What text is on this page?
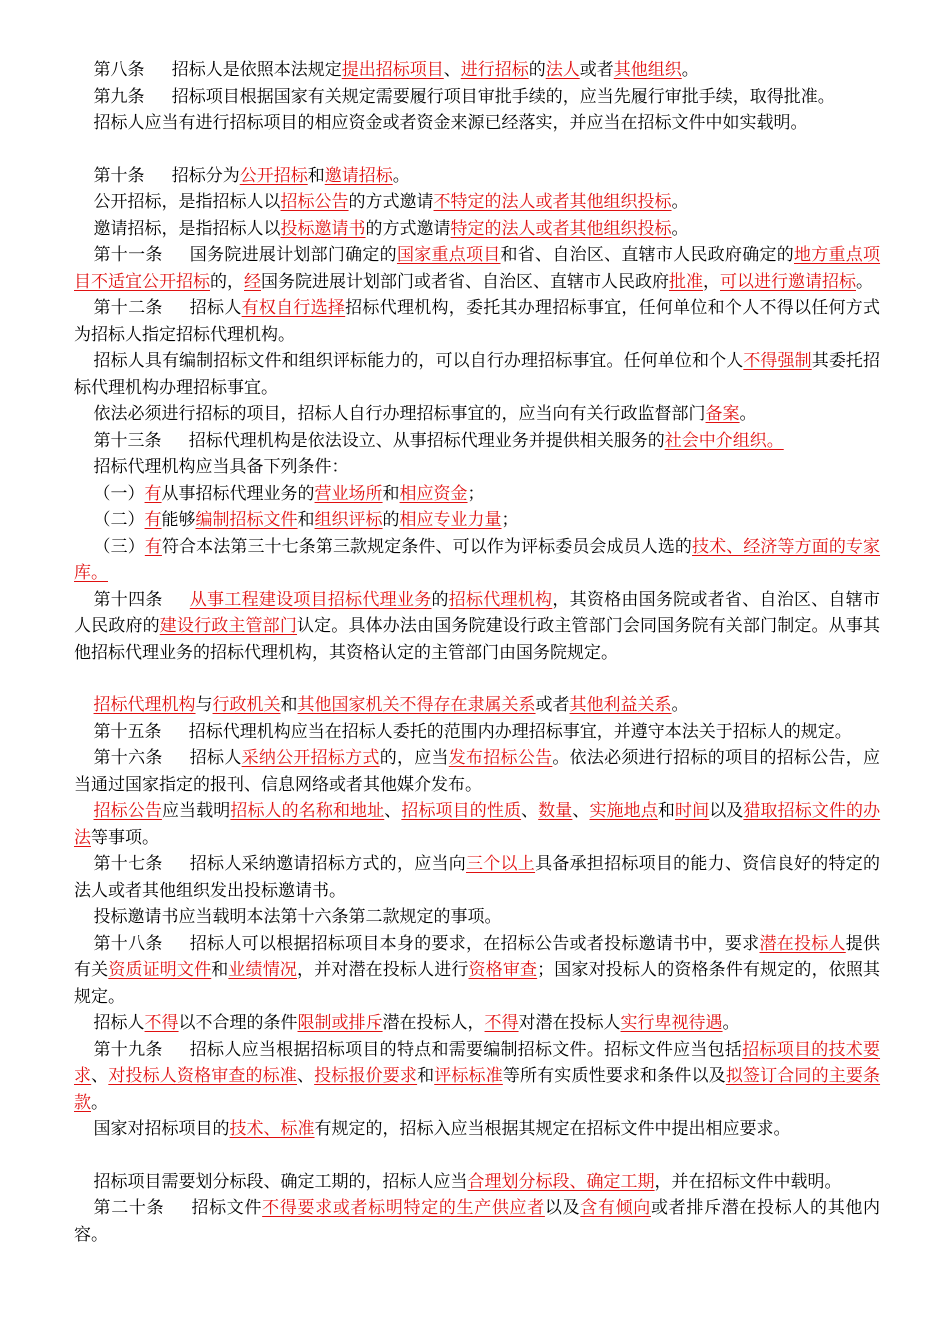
第八条 招标人是依照本法规定提出招标项目、进行招标的法人或者其他组织。

第九条 招标项目根据国家有关规定需要履行项目审批手续的，应当先履行审批手续，取得批准。

招标人应当有进行招标项目的相应资金或者资金来源已经落实，并应当在招标文件中如实载明。

第十条 招标分为公开招标和邀请招标。

公开招标，是指招标人以招标公告的方式邀请不特定的法人或者其他组织投标。

邀请招标，是指招标人以投标邀请书的方式邀请特定的法人或者其他组织投标。

第十一条 国务院进展计划部门确定的国家重点项目和省、自治区、直辖市人民政府确定的地方重点项目不适宜公开招标的，经国务院进展计划部门或者省、自治区、直辖市人民政府批准，可以进行邀请招标。

第十二条 招标人有权自行选择招标代理机构，委托其办理招标事宜，任何单位和个人不得以任何方式为招标人指定招标代理机构。

招标人具有编制招标文件和组织评标能力的，可以自行办理招标事宜。任何单位和个人不得强制其委托招标代理机构办理招标事宜。

依法必须进行招标的项目，招标人自行办理招标事宜的，应当向有关行政监督部门备案。

第十三条 招标代理机构是依法设立、从事招标代理业务并提供相关服务的社会中介组织。

招标代理机构应当具备下列条件：

（一）有从事招标代理业务的营业场所和相应资金；

（二）有能够编制招标文件和组织评标的相应专业力量；

（三）有符合本法第三十七条第三款规定条件、可以作为评标委员会成员人选的技术、经济等方面的专家库。

第十四条 从事工程建设项目招标代理业务的招标代理机构，其资格由国务院或者省、自治区、自辖市人民政府的建设行政主管部门认定。具体办法由国务院建设行政主管部门会同国务院有关部门制定。从事其他招标代理业务的招标代理机构，其资格认定的主管部门由国务院规定。

招标代理机构与行政机关和其他国家机关不得存在隶属关系或者其他利益关系。

第十五条 招标代理机构应当在招标人委托的范围内办理招标事宜，并遵守本法关于招标人的规定。

第十六条 招标人采纳公开招标方式的，应当发布招标公告。依法必须进行招标的项目的招标公告，应当通过国家指定的报刊、信息网络或者其他媒介发布。

招标公告应当载明招标人的名称和地址、招标项目的性质、数量、实施地点和时间以及猎取招标文件的办法等事项。

第十七条 招标人采纳邀请招标方式的，应当向三个以上具备承担招标项目的能力、资信良好的特定的法人或者其他组织发出投标邀请书。

投标邀请书应当载明本法第十六条第二款规定的事项。

第十八条 招标人可以根据招标项目本身的要求，在招标公告或者投标邀请书中，要求潜在投标人提供有关资质证明文件和业绩情况，并对潜在投标人进行资格审查；国家对投标人的资格条件有规定的，依照其规定。

招标人不得以不合理的条件限制或排斥潜在投标人，不得对潜在投标人实行卑视待遇。

第十九条 招标人应当根据招标项目的特点和需要编制招标文件。招标文件应当包括招标项目的技术要求、对投标人资格审查的标准、投标报价要求和评标标准等所有实质性要求和条件以及拟签订合同的主要条款。

国家对招标项目的技术、标准有规定的，招标入应当根据其规定在招标文件中提出相应要求。

招标项目需要划分标段、确定工期的，招标人应当合理划分标段、确定工期，并在招标文件中载明。

第二十条 招标文件不得要求或者标明特定的生产供应者以及含有倾向或者排斥潜在投标人的其他内容。
